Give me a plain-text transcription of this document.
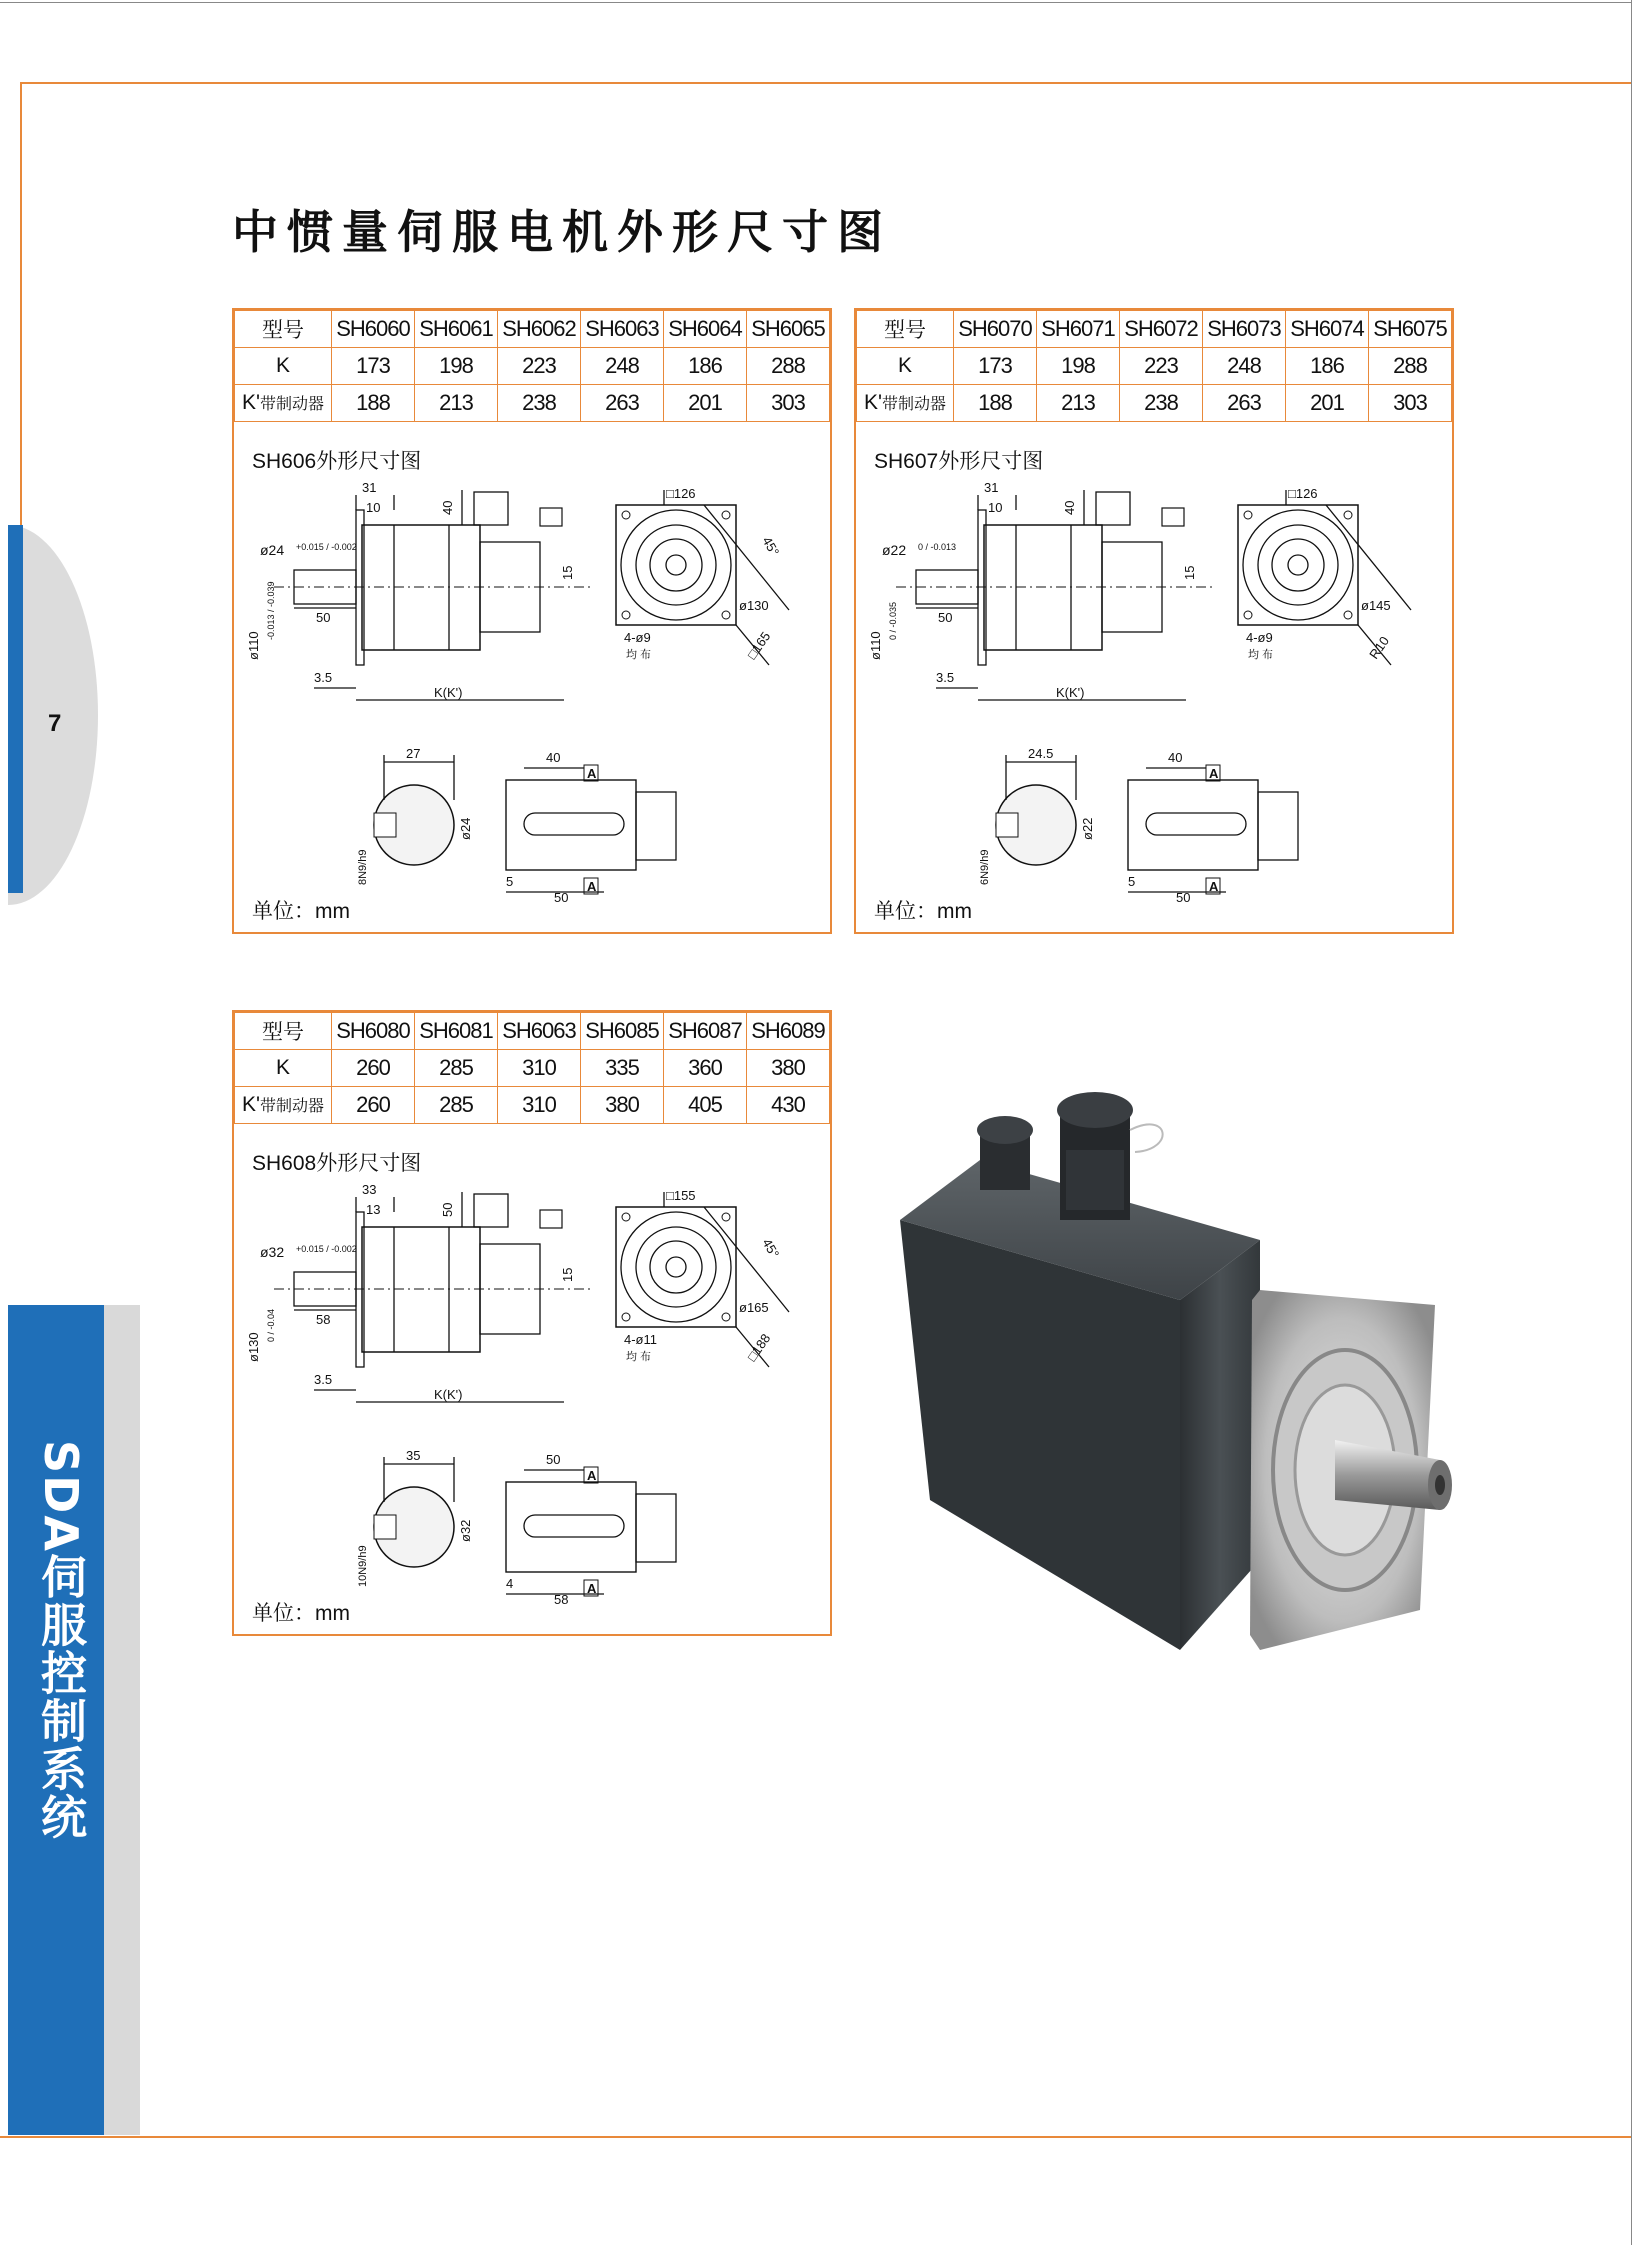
7
SDA伺服控制系统
中惯量伺服电机外形尺寸图
型号	SH6060	SH6061	SH6062	SH6063	SH6064	SH6065
K	173	198	223	248	186	288
K'带制动器	188	213	238	263	201	303
SH606外形尺寸图
31
10	40
ø24 +0.015 / -0.002
ø110
-0.013 / -0.039	50
15
3.5
K(K')
□126
45°
ø130
4-ø9
均 布	□165
27
ø24
8N9/h9
40
A
5
50
A
单位：mm
型号	SH6070	SH6071	SH6072	SH6073	SH6074	SH6075
K	173	198	223	248	186	288
K'带制动器	188	213	238	263	201	303
SH607外形尺寸图
31
10	40
ø22 0 / -0.013
ø110
0 / -0.035	50
15
3.5
K(K')
□126
ø145
4-ø9
均 布	R10
24.5
ø22
6N9/h9
40
A
5
50
A
单位：mm
型号	SH6080	SH6081	SH6063	SH6085	SH6087	SH6089
K	260	285	310	335	360	380
K'带制动器	260	285	310	380	405	430
SH608外形尺寸图
33
13	50
ø32 +0.015 / -0.002
ø130
0 / -0.04	58
15
3.5
K(K')
□155
45°
ø165
4-ø11
均 布	□188
35
ø32
10N9/h9
50
A
4
58
A
单位：mm
